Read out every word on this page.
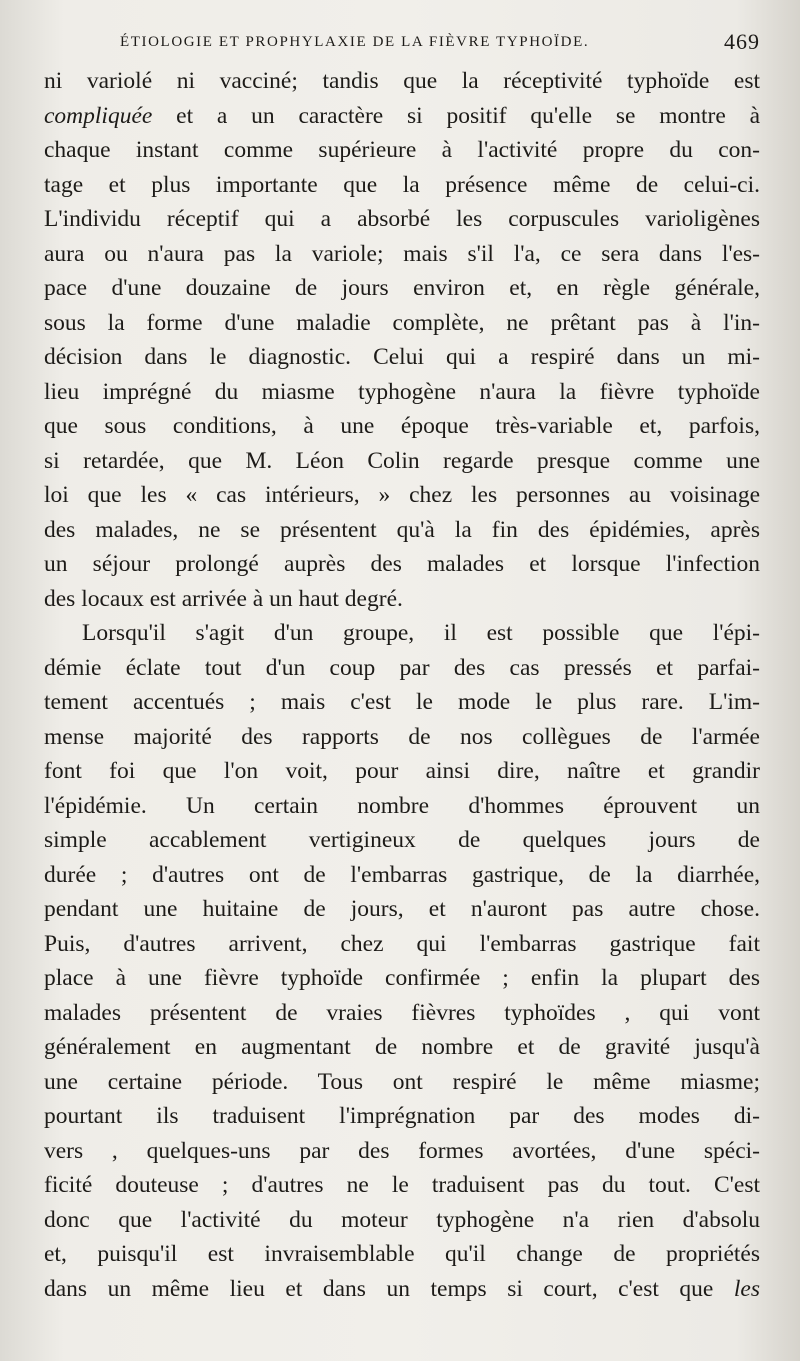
ÉTIOLOGIE ET PROPHYLAXIE DE LA FIÈVRE TYPHOÏDE.	469
ni variolé ni vacciné; tandis que la réceptivité typhoïde est
compliquée et a un caractère si positif qu'elle se montre à
chaque instant comme supérieure à l'activité propre du con-
tage et plus importante que la présence même de celui-ci.
L'individu réceptif qui a absorbé les corpuscules varioligènes
aura ou n'aura pas la variole; mais s'il l'a, ce sera dans l'es-
pace d'une douzaine de jours environ et, en règle générale,
sous la forme d'une maladie complète, ne prêtant pas à l'in-
décision dans le diagnostic. Celui qui a respiré dans un mi-
lieu imprégné du miasme typhogène n'aura la fièvre typhoïde
que sous conditions, à une époque très-variable et, parfois,
si retardée, que M. Léon Colin regarde presque comme une
loi que les « cas intérieurs, » chez les personnes au voisinage
des malades, ne se présentent qu'à la fin des épidémies, après
un séjour prolongé auprès des malades et lorsque l'infection
des locaux est arrivée à un haut degré.
Lorsqu'il s'agit d'un groupe, il est possible que l'épi-
démie éclate tout d'un coup par des cas pressés et parfai-
tement accentués ; mais c'est le mode le plus rare. L'im-
mense majorité des rapports de nos collègues de l'armée
font foi que l'on voit, pour ainsi dire, naître et grandir
l'épidémie. Un certain nombre d'hommes éprouvent un
simple accablement vertigineux de quelques jours de
durée ; d'autres ont de l'embarras gastrique, de la diarrhée,
pendant une huitaine de jours, et n'auront pas autre chose.
Puis, d'autres arrivent, chez qui l'embarras gastrique fait
place à une fièvre typhoïde confirmée ; enfin la plupart des
malades présentent de vraies fièvres typhoïdes , qui vont
généralement en augmentant de nombre et de gravité jusqu'à
une certaine période. Tous ont respiré le même miasme;
pourtant ils traduisent l'imprégnation par des modes di-
vers , quelques-uns par des formes avortées, d'une spéci-
ficité douteuse ; d'autres ne le traduisent pas du tout. C'est
donc que l'activité du moteur typhogène n'a rien d'absolu
et, puisqu'il est invraisemblable qu'il change de propriétés
dans un même lieu et dans un temps si court, c'est que les
